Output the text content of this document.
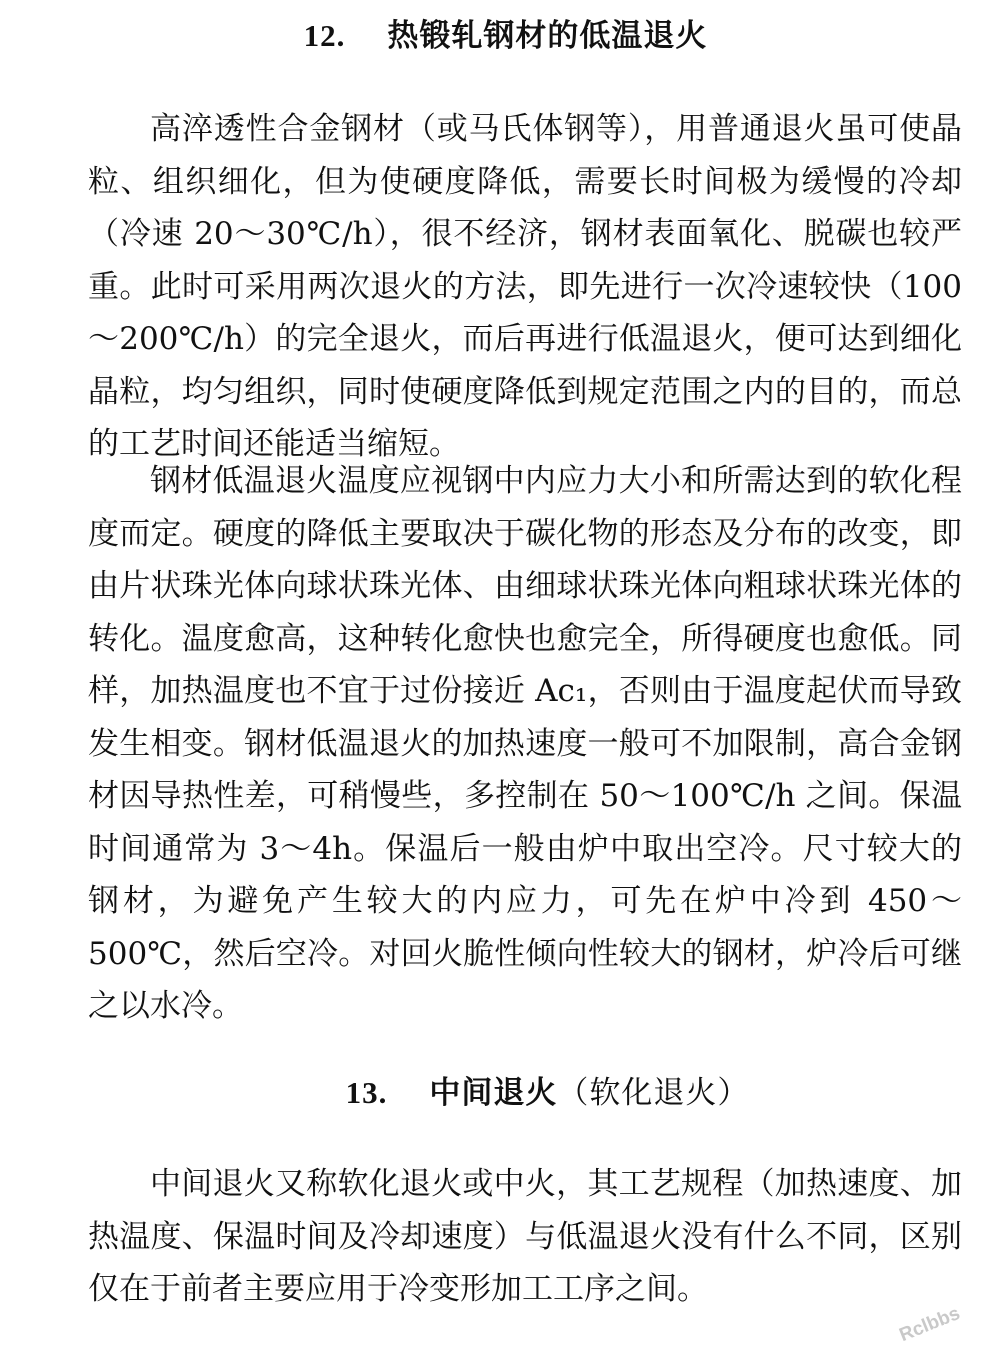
12. 热锻轧钢材的低温退火

高淬透性合金钢材（或马氏体钢等），用普通退火虽可使晶粒、组织细化，但为使硬度降低，需要长时间极为缓慢的冷却（冷速 20～30℃/h），很不经济，钢材表面氧化、脱碳也较严重。此时可采用两次退火的方法，即先进行一次冷速较快（100～200℃/h）的完全退火，而后再进行低温退火，便可达到细化晶粒，均匀组织，同时使硬度降低到规定范围之内的目的，而总的工艺时间还能适当缩短。

钢材低温退火温度应视钢中内应力大小和所需达到的软化程度而定。硬度的降低主要取决于碳化物的形态及分布的改变，即由片状珠光体向球状珠光体、由细球状珠光体向粗球状珠光体的转化。温度愈高，这种转化愈快也愈完全，所得硬度也愈低。同样，加热温度也不宜于过份接近 Ac₁，否则由于温度起伏而导致发生相变。钢材低温退火的加热速度一般可不加限制，高合金钢材因导热性差，可稍慢些，多控制在 50～100℃/h 之间。保温时间通常为 3～4h。保温后一般由炉中取出空冷。尺寸较大的钢材，为避免产生较大的内应力，可先在炉中冷到 450～500℃，然后空冷。对回火脆性倾向性较大的钢材，炉冷后可继之以水冷。

13. 中间退火（软化退火）

中间退火又称软化退火或中火，其工艺规程（加热速度、加热温度、保温时间及冷却速度）与低温退火没有什么不同，区别仅在于前者主要应用于冷变形加工工序之间。

Rclbbs
